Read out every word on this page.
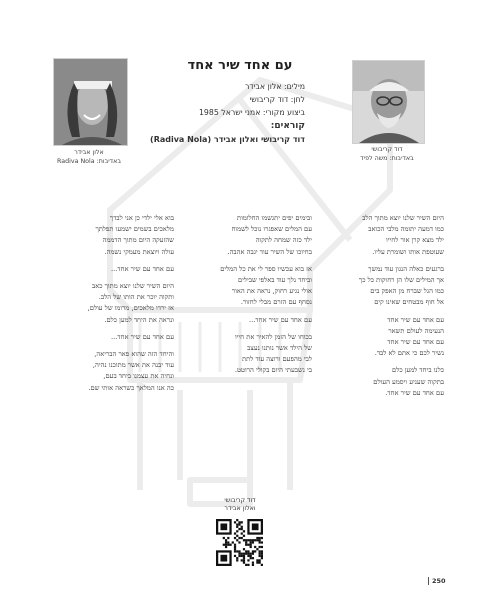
עם אחד שיר אחד
מילים: אלון אבידר
לחן: דוד קריבושי
ביצוע מקורי: אמני ישראל 1985
קוראים:
דוד קריבושי ואלון אבידר (Radiva Nola)
דוד קריבושי
באדיבות: משה לפיד
אלון אבידר
באדיבות: Radiva Nola
היום השיר שלנו יוצא מתוך הלב
כמו דמעה יתומה מלבי הכואב
ילד מצא קרן אור לחייו
שעוטפת אותו ושומרת עליו.
ברגעים כאלה הנגון עוד נמשך
אך המילים שלו הן רחוקות כל כך
כמו הגל שברח מן האפק בים
אל חוף מבטחים שאינו קים
עם אחד עם שיר אחד
הנעימה לעולם תשאר
עם אחד עם שיר אחד
נשיר לכם כי אתם לא לבד.
כלנו ביחד למען כלם
בתקוה שעניע ויסמע העולם
עם אחד עם שיר אחד.
ובימים יפים יתגשמו החלומות
עם המלים שאפגרו נוכל לשמוח
ילד כזה שמחה לתקוה
בחיוכו של השיר עוד יגבה אהבה.
אז בוא עכשיו ספר לי את כל המלים
וביחד נלך עוד באלפי שבילים
אולי נגיע רחוק, נראה את האור
נסחף עם הזרם מבלי לחזור.
עם אחד עם שיר אחד...
בכוחו של הזמן להאיר את חייו
של הילד אשר נותנו נעצב
לבי מהפעם ורוצה עוד לתת
בי נשבעתי היום בקולי הרוטט.
בוא אלי ילדי כן אני לבדך
מלאכים בשמים ישמעו תפלתך
שהזעקה היום מתוך הדממה
עולה ויוצאת מעמקי נשמה.
עם אחד עם שיר אחד...
היום השיר שלנו יוצא מתוך כאב
ותקוה יוכר את הותו של הלב.
אז ירדו מלאכים, מרומו של עולם,
ונראה את היחד למען כלם.
עם אחד עם שיר אחד...
והיחד הזה שהוא פאר הבריאה,
עוד יבנה את אשר מתוכנו נהיה,
ונחיה את עצמנו ביחד בעם,
כה אנו המלאך כשראה אותי שם.
דוד קריבושי
ואלון אבידר
250
